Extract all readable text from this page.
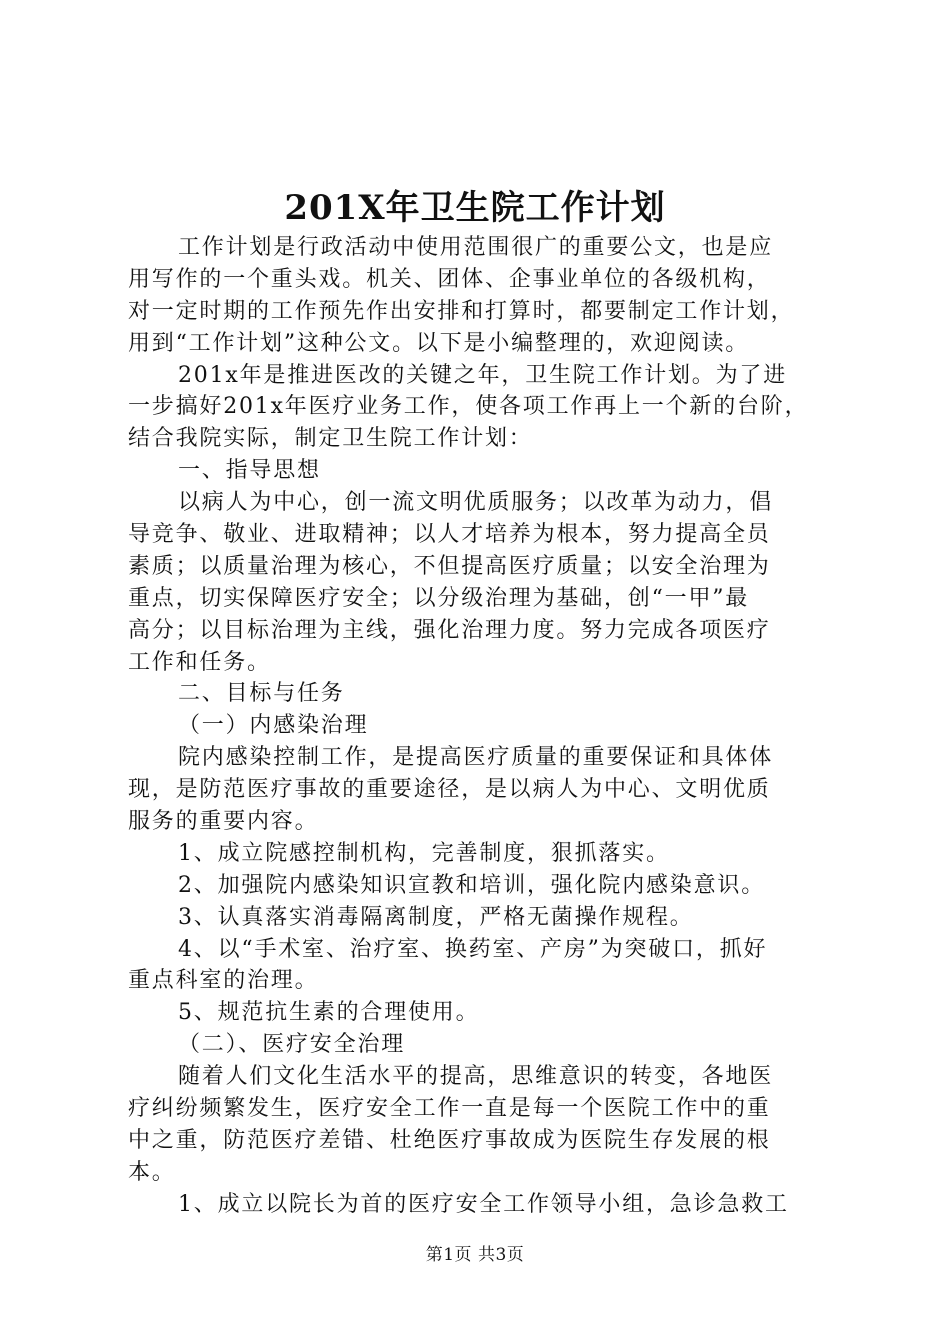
201X年卫生院工作计划
工作计划是行政活动中使用范围很广的重要公文，也是应
用写作的一个重头戏。机关、团体、企事业单位的各级机构，
对一定时期的工作预先作出安排和打算时，都要制定工作计划，
用到“工作计划”这种公文。以下是小编整理的，欢迎阅读。
201x年是推进医改的关键之年，卫生院工作计划。为了进
一步搞好201x年医疗业务工作，使各项工作再上一个新的台阶，
结合我院实际，制定卫生院工作计划：
一、指导思想
以病人为中心，创一流文明优质服务；以改革为动力，倡
导竞争、敬业、进取精神；以人才培养为根本，努力提高全员
素质；以质量治理为核心，不但提高医疗质量；以安全治理为
重点，切实保障医疗安全；以分级治理为基础，创“一甲”最
高分；以目标治理为主线，强化治理力度。努力完成各项医疗
工作和任务。
二、目标与任务
（一）内感染治理
院内感染控制工作，是提高医疗质量的重要保证和具体体
现，是防范医疗事故的重要途径，是以病人为中心、文明优质
服务的重要内容。
1、成立院感控制机构，完善制度，狠抓落实。
2、加强院内感染知识宣教和培训，强化院内感染意识。
3、认真落实消毒隔离制度，严格无菌操作规程。
4、以“手术室、治疗室、换药室、产房”为突破口，抓好
重点科室的治理。
5、规范抗生素的合理使用。
（二）、医疗安全治理
随着人们文化生活水平的提高，思维意识的转变，各地医
疗纠纷频繁发生，医疗安全工作一直是每一个医院工作中的重
中之重，防范医疗差错、杜绝医疗事故成为医院生存发展的根
本。
1、成立以院长为首的医疗安全工作领导小组，急诊急救工
第1页 共3页
